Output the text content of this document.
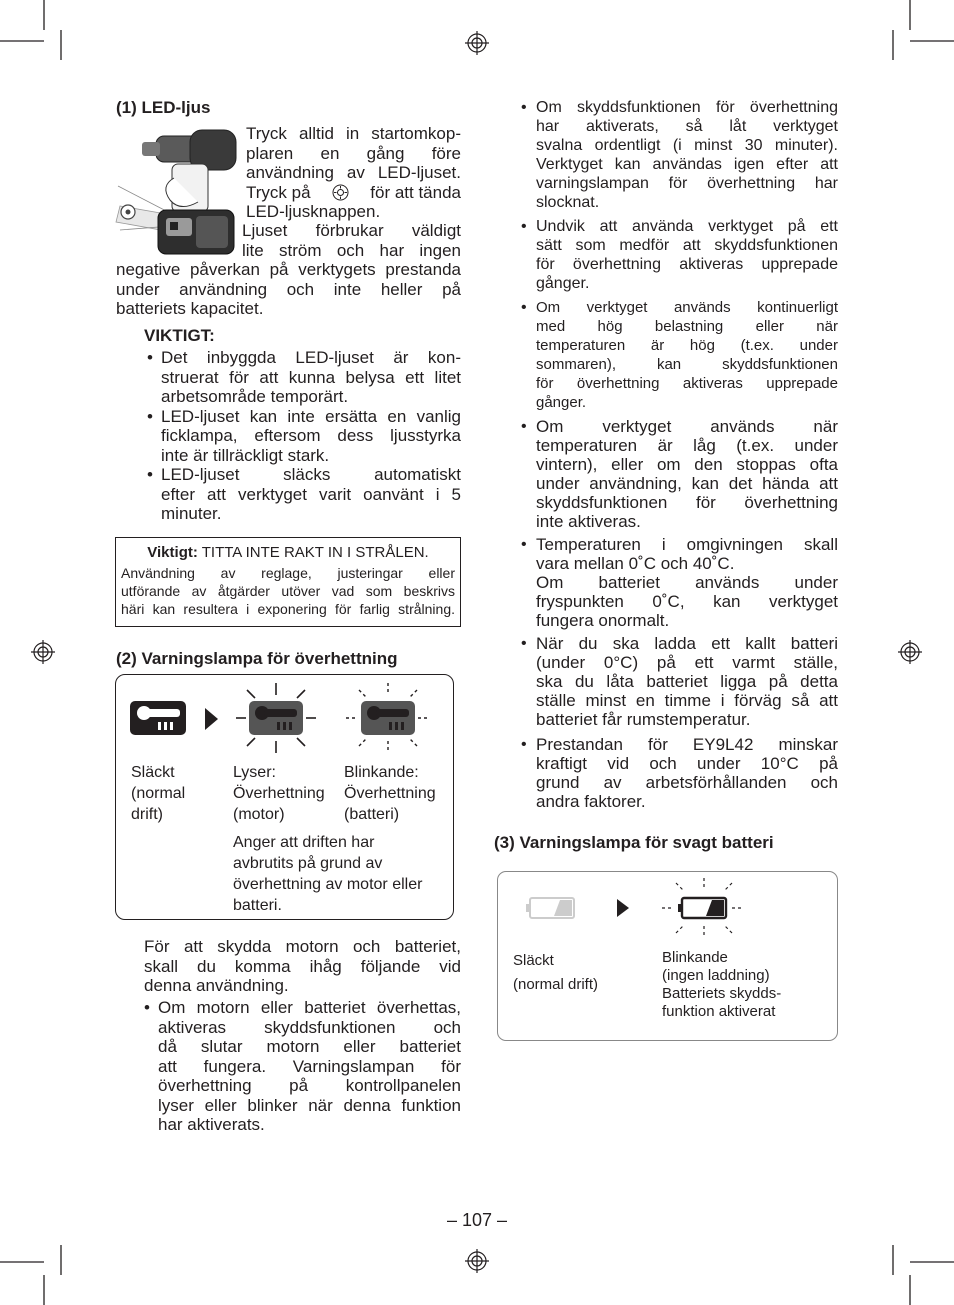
(1) LED-ljus
Tryck alltid in startomkop-
plaren en gång före
användning av LED-ljuset.
Tryck på	för att tända
LED-ljusknappen.
Ljuset förbrukar väldigt
lite ström och har ingen
negative påverkan på verktygets prestanda
under användning och inte heller på
batteriets kapacitet.
VIKTIGT:
• Det inbyggda LED-ljuset är kon-
struerat för att kunna belysa ett litet
arbetsområde temporärt.
• LED-ljuset kan inte ersätta en vanlig
ficklampa, eftersom dess ljusstyrka
inte är tillräckligt stark.
• LED-ljuset släcks automatiskt
efter att verktyget varit oanvänt i 5
minuter.
Viktigt: TITTA INTE RAKT IN I STRÅLEN.
Användning av reglage, justeringar eller
utförande av åtgärder utöver vad som beskrivs
häri kan resultera i exponering för farlig strålning.
(2) Varningslampa för överhettning
Släckt
(normal
drift)
Lyser:
Överhettning
(motor)
Blinkande:
Överhettning
(batteri)
Anger att driften har
avbrutits på grund av
överhettning av motor eller
batteri.
För att skydda motorn och batteriet,
skall du komma ihåg följande vid
denna användning.
• Om motorn eller batteriet överhettas,
aktiveras skyddsfunktionen och
då slutar motorn eller batteriet
att fungera. Varningslampan för
överhettning på kontrollpanelen
lyser eller blinker när denna funktion
har aktiverats.
• Om skyddsfunktionen för överhettning
har aktiverats, så låt verktyget
svalna ordentligt (i minst 30 minuter).
Verktyget kan användas igen efter att
varningslampan för överhettning har
slocknat.
• Undvik att använda verktyget på ett
sätt som medför att skyddsfunktionen
för överhettning aktiveras upprepade
gånger.
• Om verktyget används kontinuerligt
med hög belastning eller när
temperaturen är hög (t.ex. under
sommaren), kan skyddsfunktionen
för överhettning aktiveras upprepade
gånger.
• Om verktyget används när
temperaturen är låg (t.ex. under
vintern), eller om den stoppas ofta
under användning, kan det hända att
skyddsfunktionen för överhettning
inte aktiveras.
• Temperaturen i omgivningen skall
vara mellan 0˚C och 40˚C.
Om batteriet används under
fryspunkten 0˚C, kan verktyget
fungera onormalt.
• När du ska ladda ett kallt batteri
(under 0°C) på ett varmt ställe,
ska du låta batteriet ligga på detta
ställe minst en timme i förväg så att
batteriet får rumstemperatur.
• Prestandan för EY9L42 minskar
kraftigt vid och under 10°C på
grund av arbetsförhållanden och
andra faktorer.
(3) Varningslampa för svagt batteri
Släckt
(normal drift)
Blinkande
(ingen laddning)
Batteriets skydds-
funktion aktiverat
– 107 –
